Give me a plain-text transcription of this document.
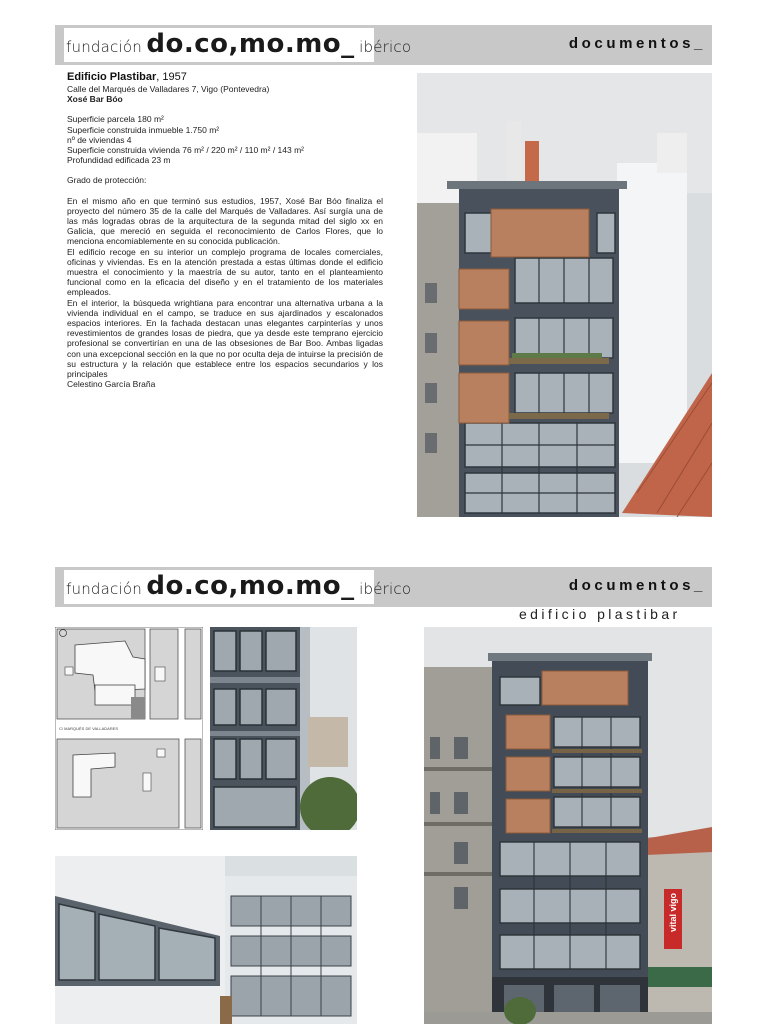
fundación do.co,mo.mo_ ibérico	documentos_
Edificio Plastibar, 1957
Calle del Marqués de Valladares 7, Vigo (Pontevedra)
Xosé Bar Bóo
Superficie parcela 180 m²
Superficie construida inmueble 1.750 m²
nº de viviendas 4
Superficie construida vivienda 76 m² / 220 m² / 110 m² / 143 m²
Profundidad edificada 23 m
Grado de protección:

En el mismo año en que terminó sus estudios, 1957, Xosé Bar Bóo finaliza el proyecto del número 35 de la calle del Marqués de Valladares. Así surgía una de las más logradas obras de la arquitectura de la segunda mitad del siglo xx en Galicia, que mereció en seguida el reconocimiento de Carlos Flores, que lo menciona encomiablemente en su conocida publicación.

El edificio recoge en su interior un complejo programa de locales comerciales, oficinas y viviendas. Es en la atención prestada a estas últimas donde el edificio muestra el conocimiento y la maestría de su autor, tanto en el planteamiento funcional como en la eficacia del diseño y en el tratamiento de los materiales empleados.

En el interior, la búsqueda wrightiana para encontrar una alternativa urbana a la vivienda individual en el campo, se traduce en sus ajardinados y escalonados espacios interiores. En la fachada destacan unas elegantes carpinterías y unos revestimientos de grandes losas de piedra, que ya desde este temprano ejercicio profesional se convertirían en una de las obsesiones de Bar Boo. Ambas ligadas con una excepcional sección en la que no por oculta deja de intuirse la precisión de su estructura y la relación que establece entre los espacios secundarios y los principales

Celestino García Braña
fundación do.co,mo.mo_ ibérico	documentos_
edificio plastibar
C/ MARQUÉS DE VALLADARES
vital vigo
